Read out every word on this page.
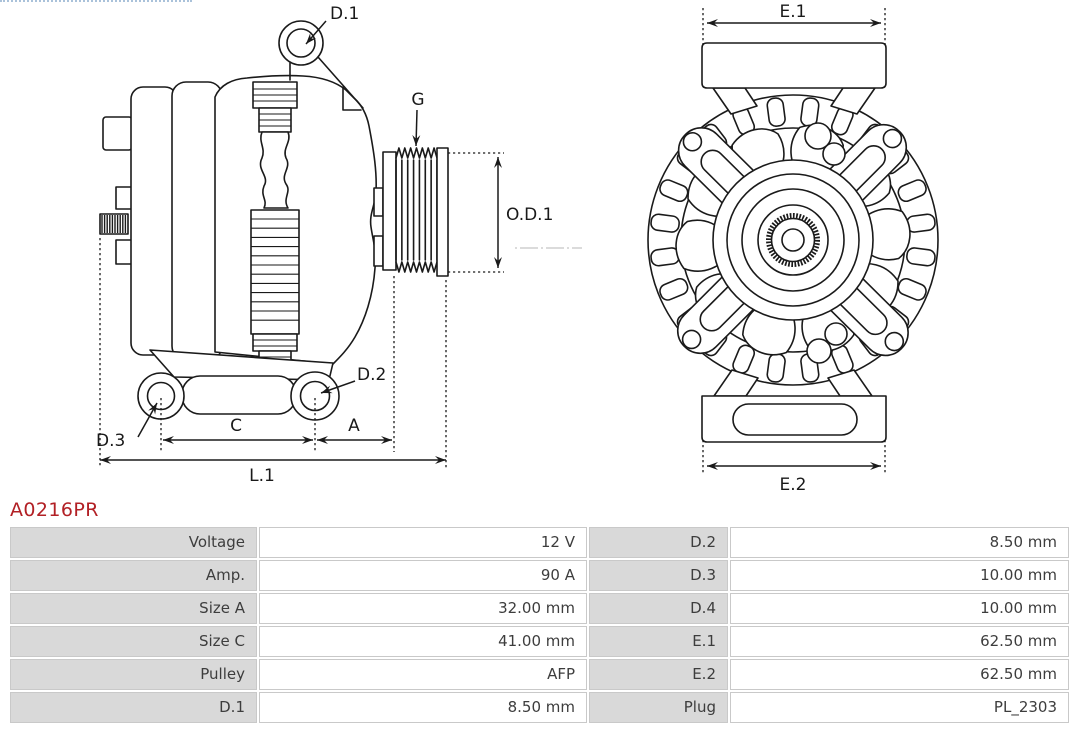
O.D.1
G
D.1
C	A
L.1
D.3
D.2
E.1
E.2
A0216PR
Voltage	12 V	D.2	8.50 mm
Amp.	90 A	D.3	10.00 mm
Size A	32.00 mm	D.4	10.00 mm
Size C	41.00 mm	E.1	62.50 mm
Pulley	AFP	E.2	62.50 mm
D.1	8.50 mm	Plug	PL_2303
